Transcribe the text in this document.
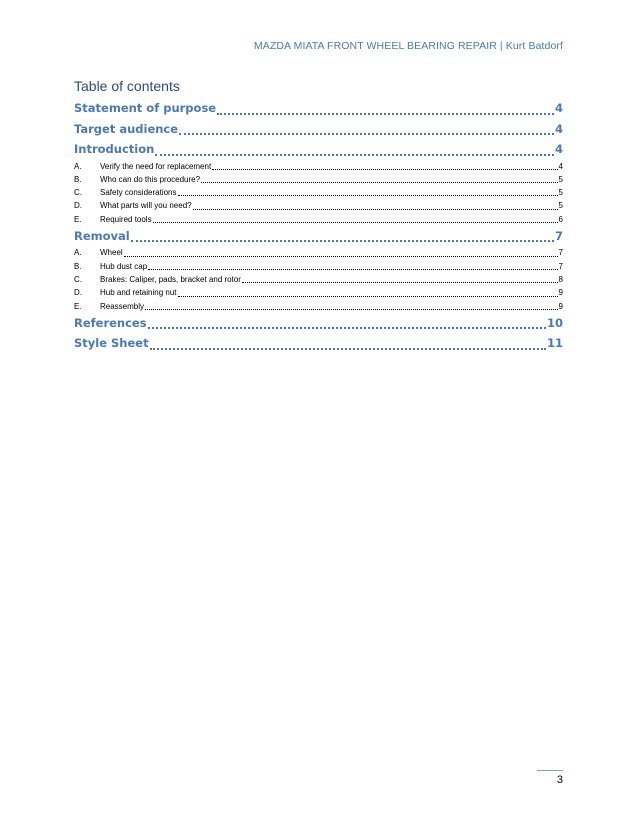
MAZDA MIATA FRONT WHEEL BEARING REPAIR | Kurt Batdorf
Table of contents
Statement of purpose	4
Target audience	4
Introduction	4
A.	Verify the need for replacement	4
B.	Who can do this procedure?	5
C.	Safety considerations	5
D.	What parts will you need?	5
E.	Required tools	6
Removal	7
A.	Wheel	7
B.	Hub dust cap	7
C.	Brakes: Caliper, pads, bracket and rotor	8
D.	Hub and retaining nut	9
E.	Reassembly	9
References	10
Style Sheet	11
3
